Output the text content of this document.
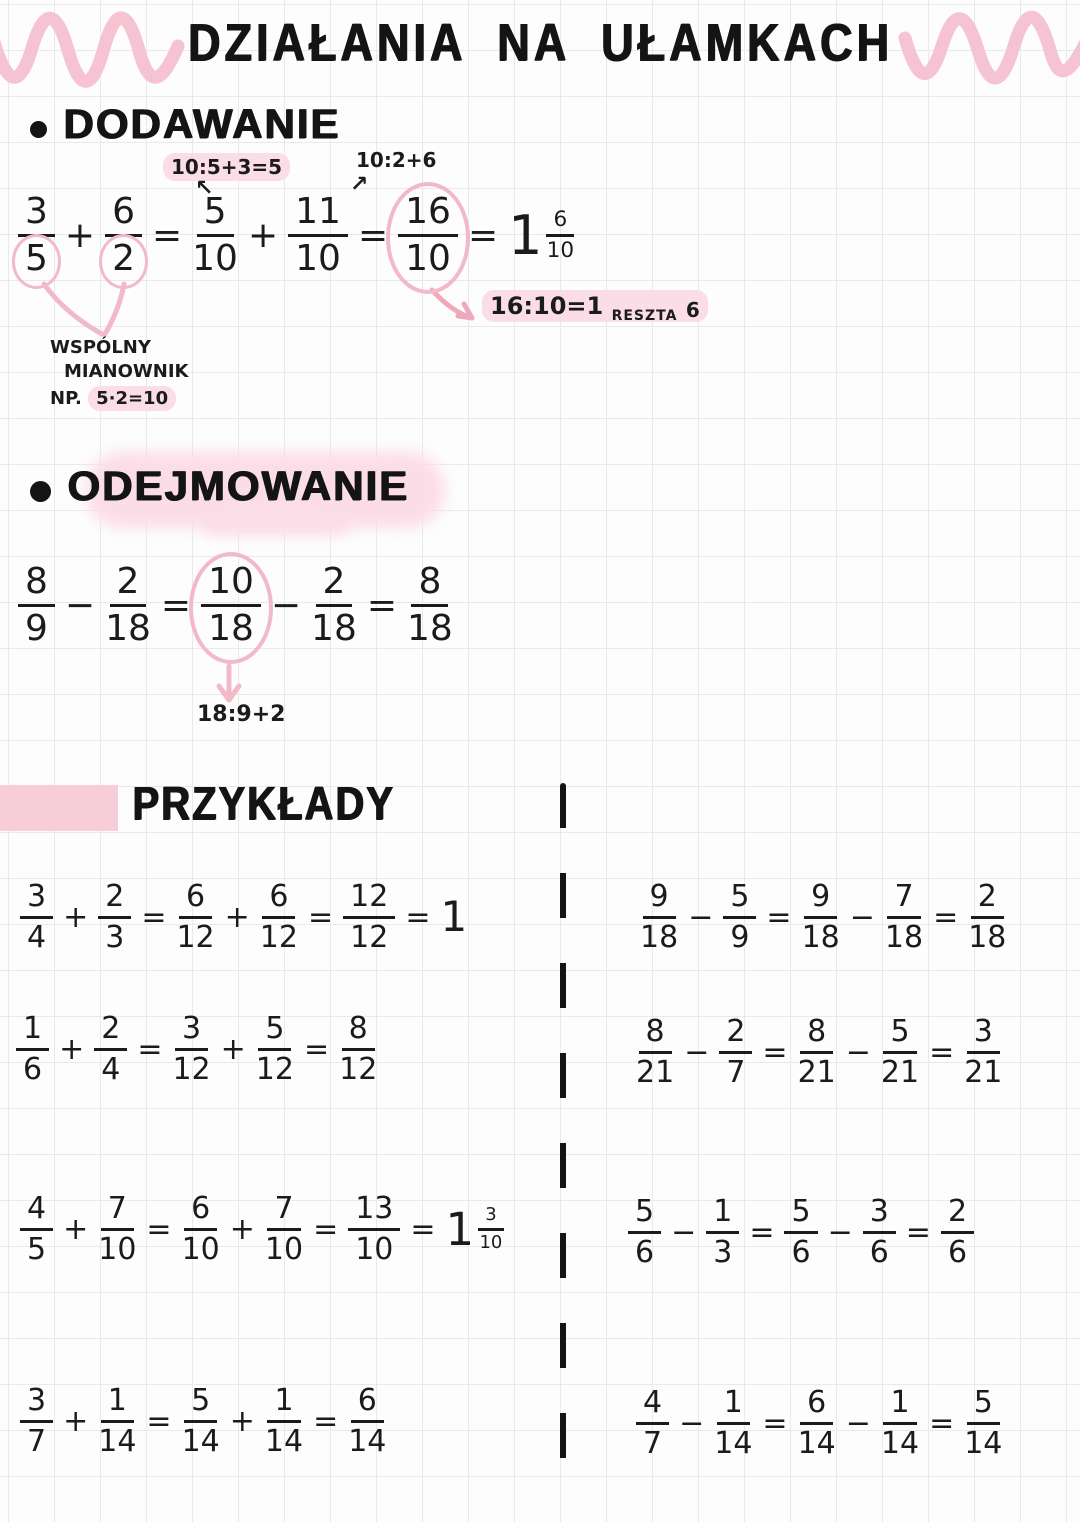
DZIAŁANIA NA UŁAMKACH
DODAWANIE
10:5+3=5
↖
10:2+6
↗
$\frac{3}{5} + \frac{6}{2} = \frac{5}{10} + \frac{11}{10} = \frac{16}{10} = 1 \frac{6}{10}$
16:10=1 $_{RESZTA}$ 6
WSPÓLNY
MIANOWNIK
NP. 5·2=10
ODEJMOWANIE
$\frac{8}{9} - \frac{2}{18} = \frac{10}{18} - \frac{2}{18} = \frac{8}{18}$
18:9+2
PRZYKŁADY
$\frac{3}{4} + \frac{2}{3} = \frac{6}{12} + \frac{6}{12} = \frac{12}{12} = 1$
$\frac{1}{6} + \frac{2}{4} = \frac{3}{12} + \frac{5}{12} = \frac{8}{12}$
$\frac{4}{5} + \frac{7}{10} = \frac{6}{10} + \frac{7}{10} = \frac{13}{10} = 1 \frac{3}{10}$
$\frac{3}{7} + \frac{1}{14} = \frac{5}{14} + \frac{1}{14} = \frac{6}{14}$
$\frac{9}{18} - \frac{5}{9} = \frac{9}{18} - \frac{7}{18} = \frac{2}{18}$
$\frac{8}{21} - \frac{2}{7} = \frac{8}{21} - \frac{5}{21} = \frac{3}{21}$
$\frac{5}{6} - \frac{1}{3} = \frac{5}{6} - \frac{3}{6} = \frac{2}{6}$
$\frac{4}{7} - \frac{1}{14} = \frac{6}{14} - \frac{1}{14} = \frac{5}{14}$
